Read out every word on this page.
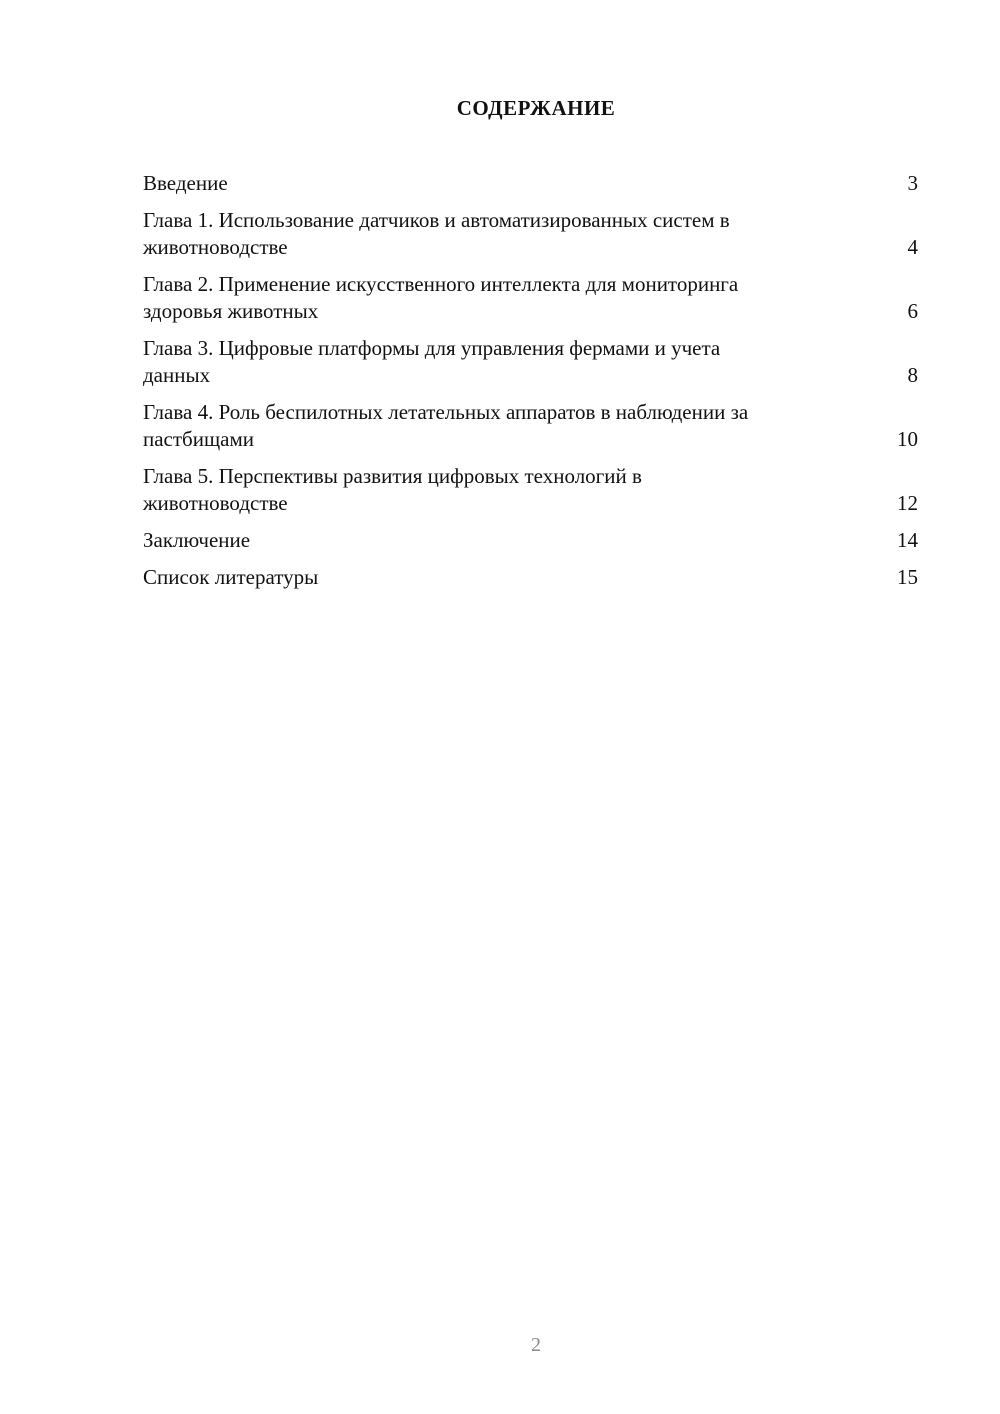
СОДЕРЖАНИЕ
Введение	3
Глава 1. Использование датчиков и автоматизированных систем в животноводстве	4
Глава 2. Применение искусственного интеллекта для мониторинга здоровья животных	6
Глава 3. Цифровые платформы для управления фермами и учета данных	8
Глава 4. Роль беспилотных летательных аппаратов в наблюдении за пастбищами	10
Глава 5. Перспективы развития цифровых технологий в животноводстве	12
Заключение	14
Список литературы	15
2
